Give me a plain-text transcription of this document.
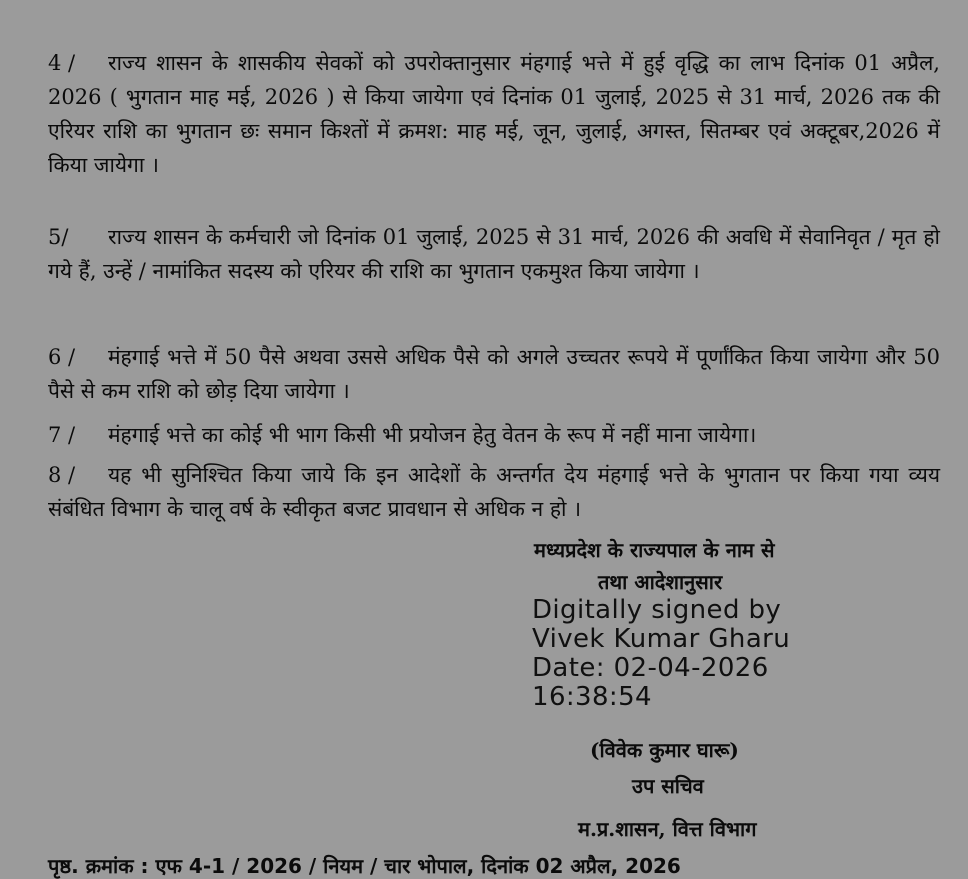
4 / राज्य शासन के शासकीय सेवकों को उपरोक्तानुसार मंहगाई भत्ते में हुई वृद्धि का लाभ दिनांक 01 अप्रैल, 2026 ( भुगतान माह मई, 2026 ) से किया जायेगा एवं दिनांक 01 जुलाई, 2025 से 31 मार्च, 2026 तक की एरियर राशि का भुगतान छः समान किश्तों में क्रमश: माह मई, जून, जुलाई, अगस्त, सितम्बर एवं अक्टूबर,2026 में किया जायेगा ।

5/ राज्य शासन के कर्मचारी जो दिनांक 01 जुलाई, 2025 से 31 मार्च, 2026 की अवधि में सेवानिवृत / मृत हो गये हैं, उन्हें / नामांकित सदस्य को एरियर की राशि का भुगतान एकमुश्त किया जायेगा ।

6 / मंहगाई भत्ते में 50 पैसे अथवा उससे अधिक पैसे को अगले उच्चतर रूपये में पूर्णांकित किया जायेगा और 50 पैसे से कम राशि को छोड़ दिया जायेगा ।

7 / मंहगाई भत्ते का कोई भी भाग किसी भी प्रयोजन हेतु वेतन के रूप में नहीं माना जायेगा।

8 / यह भी सुनिश्चित किया जाये कि इन आदेशों के अन्तर्गत देय मंहगाई भत्ते के भुगतान पर किया गया व्यय संबंधित विभाग के चालू वर्ष के स्वीकृत बजट प्रावधान से अधिक न हो ।

मध्यप्रदेश के राज्यपाल के नाम से
तथा आदेशानुसार
Digitally signed by
Vivek Kumar Gharu
Date: 02-04-2026
16:38:54
(विवेक कुमार घारू)
उप सचिव
म.प्र.शासन, वित्त विभाग
पृष्ठ. क्रमांक : एफ 4-1 / 2026 / नियम / चार भोपाल, दिनांक 02 अप्रैल, 2026
